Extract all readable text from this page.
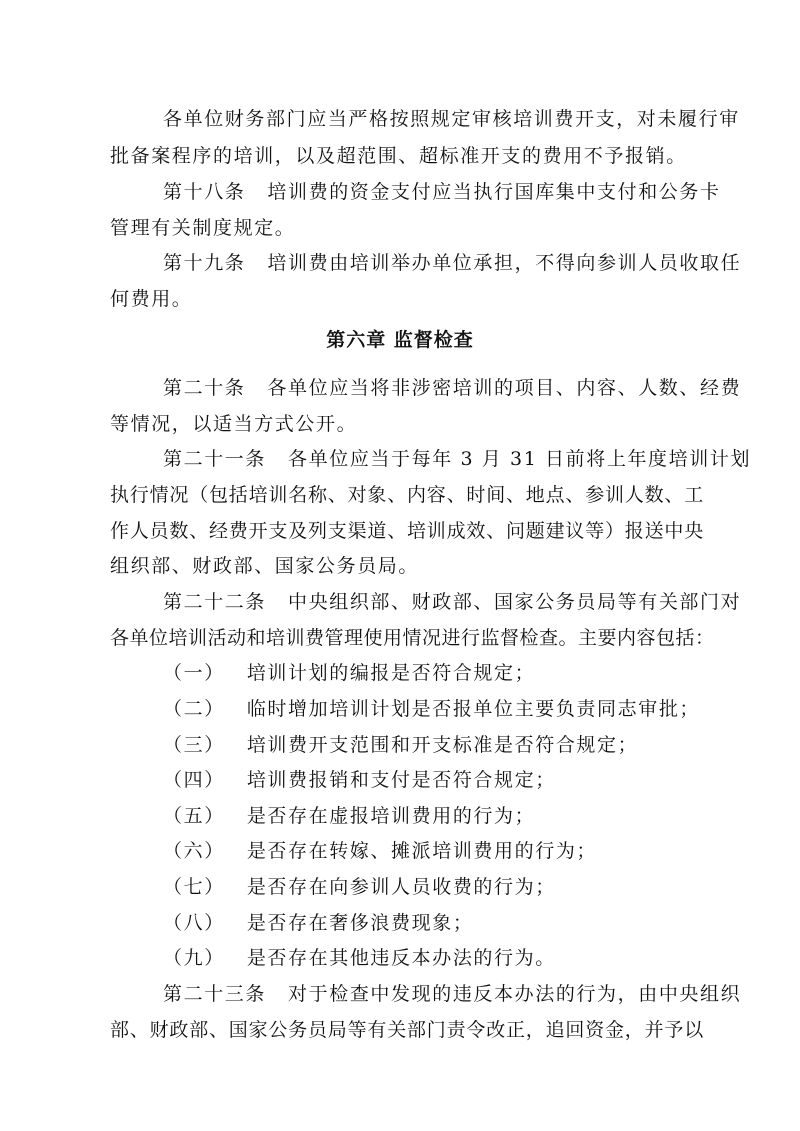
各单位财务部门应当严格按照规定审核培训费开支，对未履行审
批备案程序的培训，以及超范围、超标准开支的费用不予报销。
第十八条 培训费的资金支付应当执行国库集中支付和公务卡
管理有关制度规定。
第十九条 培训费由培训举办单位承担，不得向参训人员收取任
何费用。
第六章 监督检查
第二十条 各单位应当将非涉密培训的项目、内容、人数、经费
等情况，以适当方式公开。
第二十一条 各单位应当于每年 3 月 31 日前将上年度培训计划
执行情况（包括培训名称、对象、内容、时间、地点、参训人数、工
作人员数、经费开支及列支渠道、培训成效、问题建议等）报送中央
组织部、财政部、国家公务员局。
第二十二条 中央组织部、财政部、国家公务员局等有关部门对
各单位培训活动和培训费管理使用情况进行监督检查。主要内容包括：
（一） 培训计划的编报是否符合规定；
（二） 临时增加培训计划是否报单位主要负责同志审批；
（三） 培训费开支范围和开支标准是否符合规定；
（四） 培训费报销和支付是否符合规定；
（五） 是否存在虚报培训费用的行为；
（六） 是否存在转嫁、摊派培训费用的行为；
（七） 是否存在向参训人员收费的行为；
（八） 是否存在奢侈浪费现象；
（九） 是否存在其他违反本办法的行为。
第二十三条 对于检查中发现的违反本办法的行为，由中央组织
部、财政部、国家公务员局等有关部门责令改正，追回资金，并予以
